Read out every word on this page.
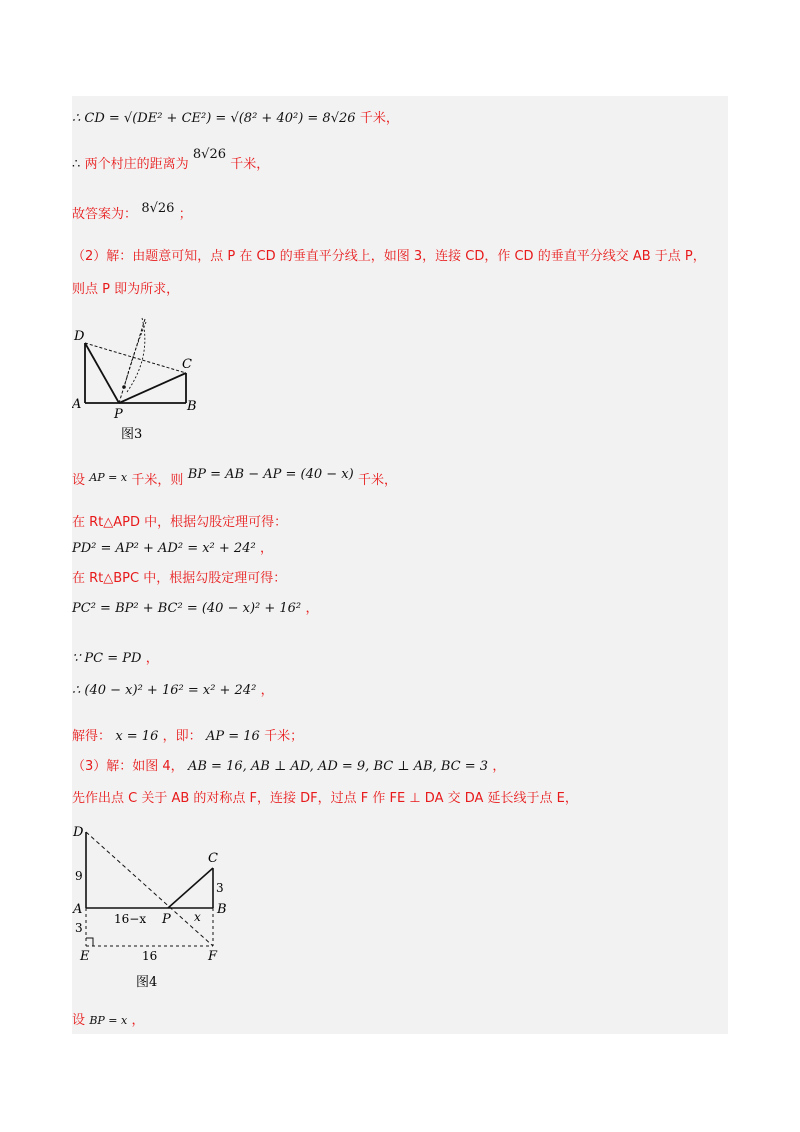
∴ CD = √(DE² + CE²) = √(8² + 40²) = 8√26 千米，
∴ 两个村庄的距离为 8√26 千米，
故答案为： 8√26 ；
（2）解：由题意可知，点 P 在 CD 的垂直平分线上，如图 3，连接 CD，作 CD 的垂直平分线交 AB 于点 P，
则点 P 即为所求，
D
C
A
P
B
图3
设 $^{AP = x}$ 千米，则 BP = AB − AP = (40 − x) 千米，
在 Rt△APD 中，根据勾股定理可得：
PD² = AP² + AD² = x² + 24² ，
在 Rt△BPC 中，根据勾股定理可得：
PC² = BP² + BC² = (40 − x)² + 16² ，
∵ PC = PD ，
∴ (40 − x)² + 16² = x² + 24² ，
解得： x = 16 ，即： AP = 16 千米；
（3）解：如图 4， AB = 16, AB ⊥ AD, AD = 9, BC ⊥ AB, BC = 3 ，
先作出点 C 关于 AB 的对称点 F，连接 DF，过点 F 作 FE ⊥ DA 交 DA 延长线于点 E，
D
C
A	B
P
E	F
9
3
16−x	x
3
16
图4
设 BP = x ，
